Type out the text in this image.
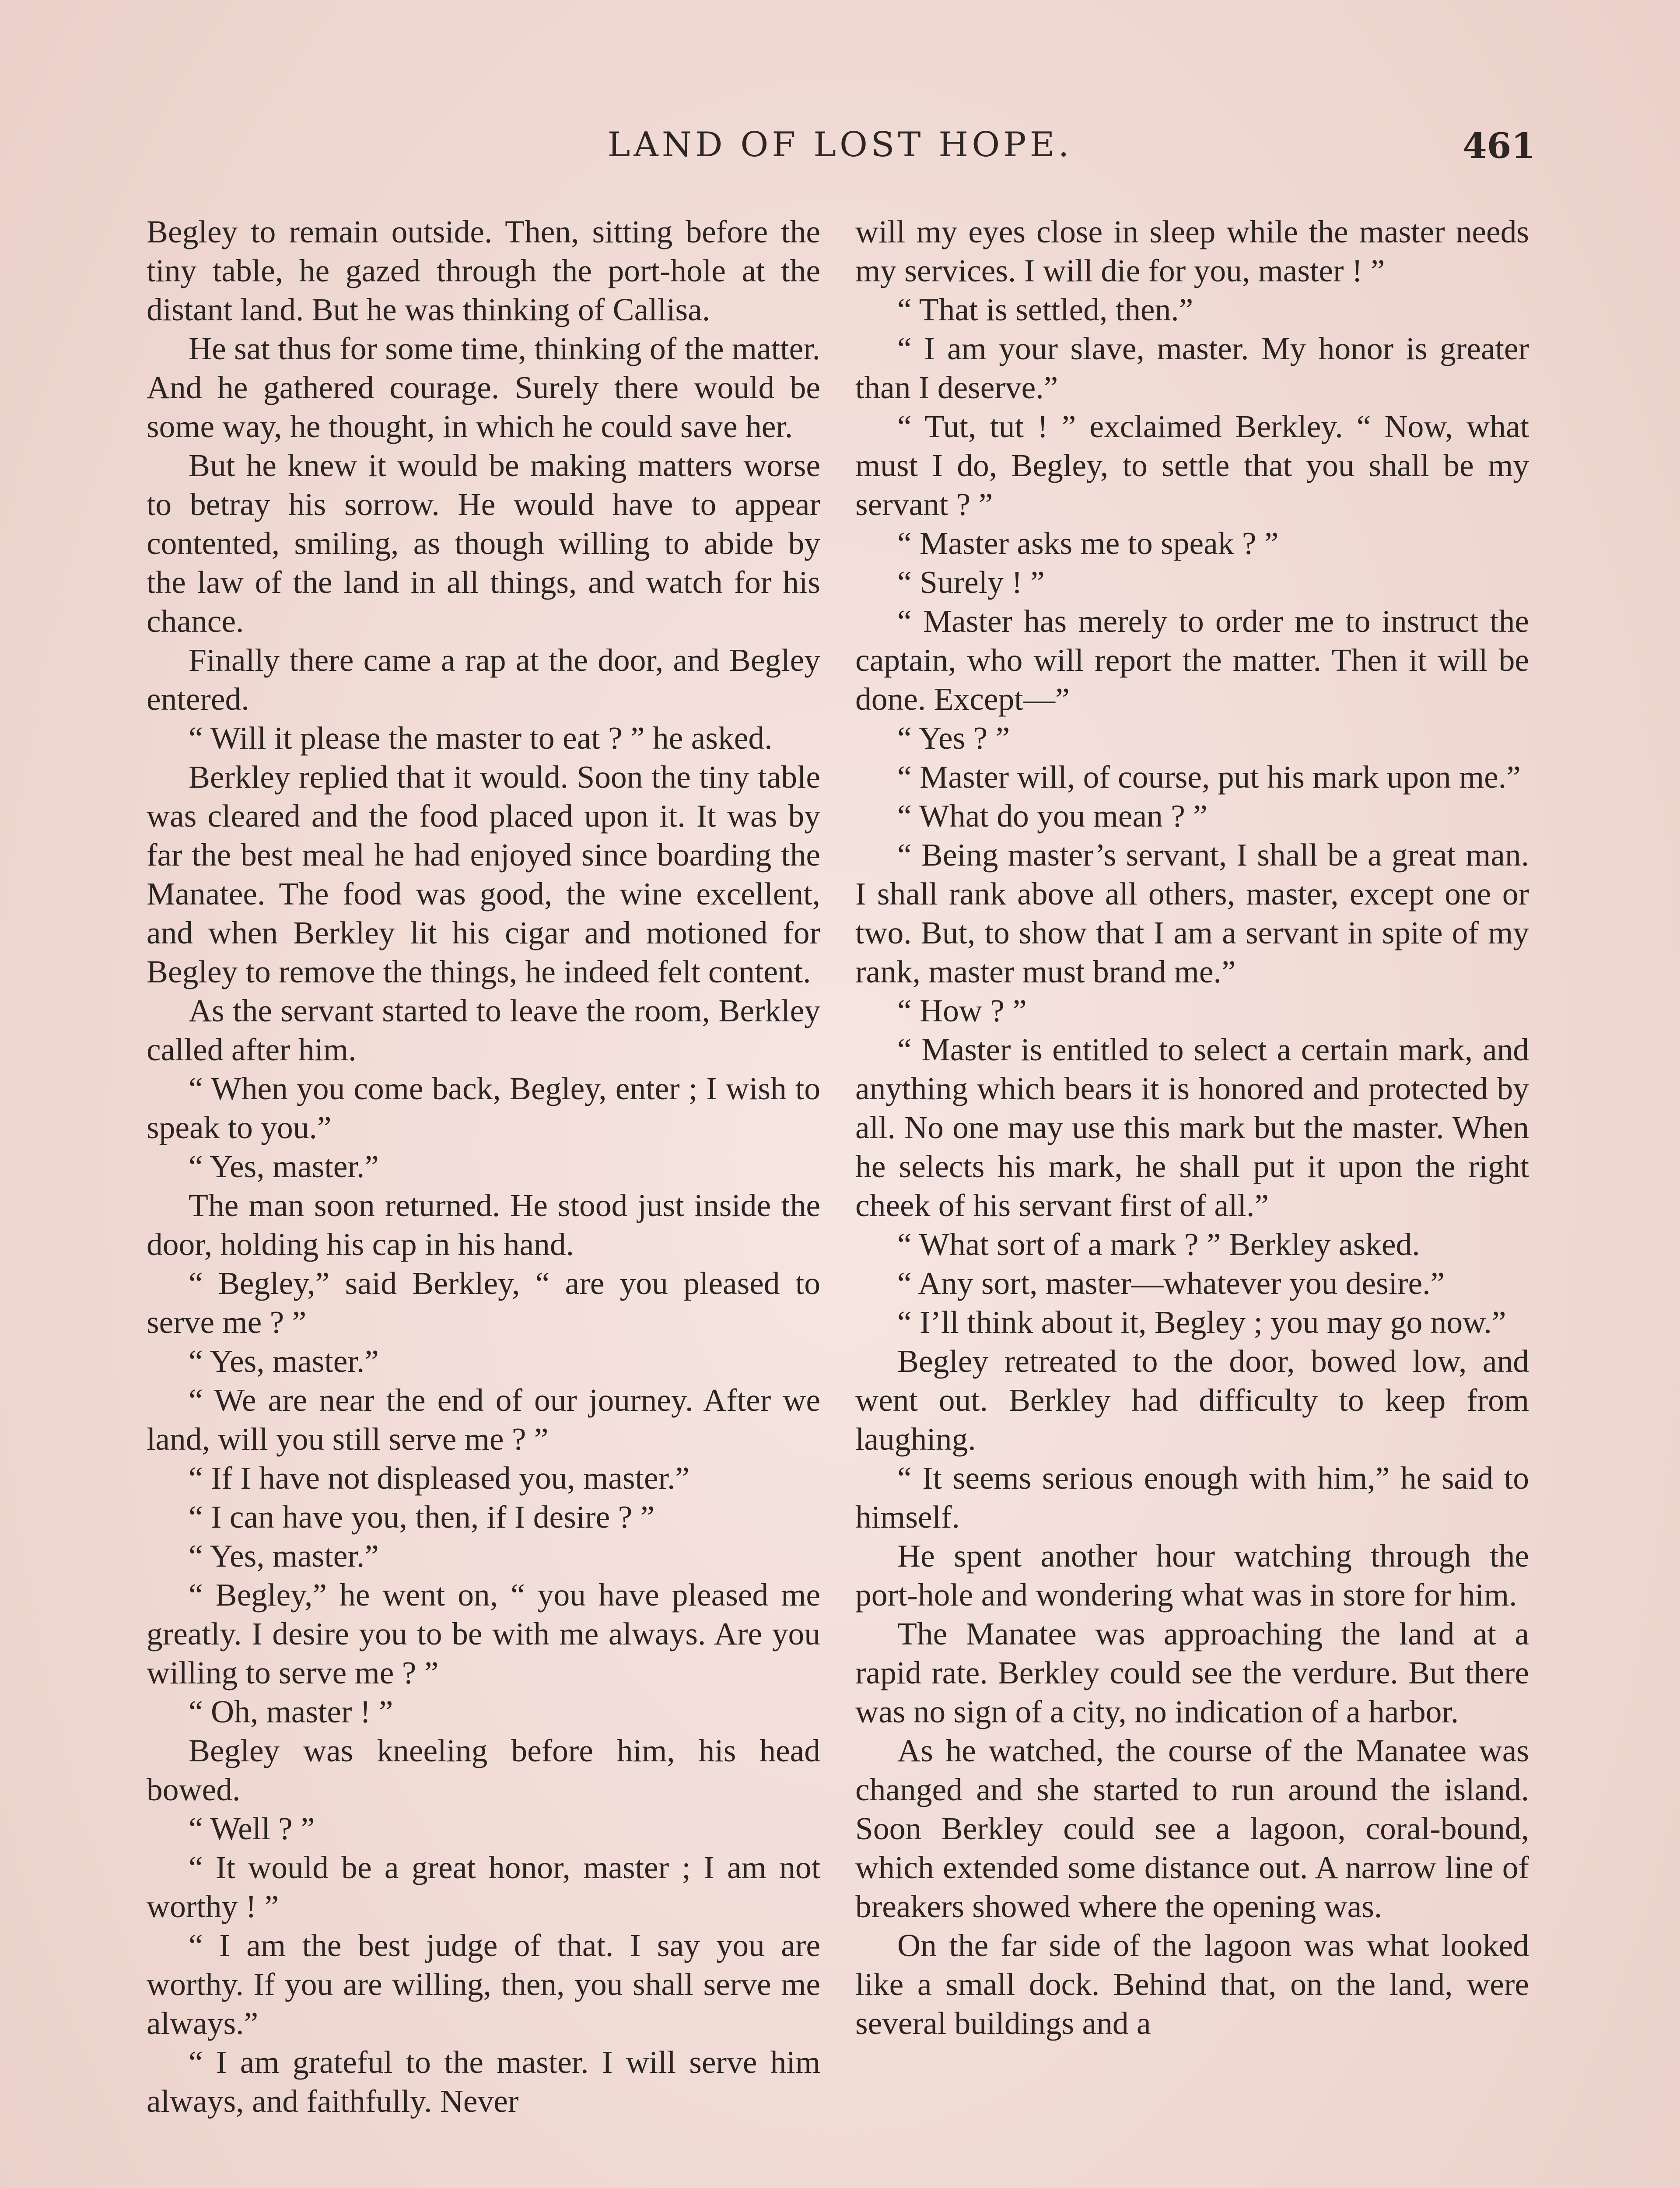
LAND OF LOST HOPE.	461

Begley to remain outside. Then, sitting before the tiny table, he gazed through the port-hole at the distant land. But he was thinking of Callisa.

He sat thus for some time, thinking of the matter. And he gathered courage. Surely there would be some way, he thought, in which he could save her.

But he knew it would be making matters worse to betray his sorrow. He would have to appear contented, smiling, as though willing to abide by the law of the land in all things, and watch for his chance.

Finally there came a rap at the door, and Begley entered.

“ Will it please the master to eat ? ” he asked.

Berkley replied that it would. Soon the tiny table was cleared and the food placed upon it. It was by far the best meal he had enjoyed since boarding the Manatee. The food was good, the wine excellent, and when Berkley lit his cigar and motioned for Begley to remove the things, he indeed felt content.

As the servant started to leave the room, Berkley called after him.

“ When you come back, Begley, enter ; I wish to speak to you.”

“ Yes, master.”

The man soon returned. He stood just inside the door, holding his cap in his hand.

“ Begley,” said Berkley, “ are you pleased to serve me ? ”

“ Yes, master.”

“ We are near the end of our journey. After we land, will you still serve me ? ”

“ If I have not displeased you, master.”

“ I can have you, then, if I desire ? ”

“ Yes, master.”

“ Begley,” he went on, “ you have pleased me greatly. I desire you to be with me always. Are you willing to serve me ? ”

“ Oh, master ! ”

Begley was kneeling before him, his head bowed.

“ Well ? ”

“ It would be a great honor, master ; I am not worthy ! ”

“ I am the best judge of that. I say you are worthy. If you are willing, then, you shall serve me always.”

“ I am grateful to the master. I will serve him always, and faithfully. Never

will my eyes close in sleep while the master needs my services. I will die for you, master ! ”

“ That is settled, then.”

“ I am your slave, master. My honor is greater than I deserve.”

“ Tut, tut ! ” exclaimed Berkley. “ Now, what must I do, Begley, to settle that you shall be my servant ? ”

“ Master asks me to speak ? ”

“ Surely ! ”

“ Master has merely to order me to instruct the captain, who will report the matter. Then it will be done. Except—”

“ Yes ? ”

“ Master will, of course, put his mark upon me.”

“ What do you mean ? ”

“ Being master’s servant, I shall be a great man. I shall rank above all others, master, except one or two. But, to show that I am a servant in spite of my rank, master must brand me.”

“ How ? ”

“ Master is entitled to select a certain mark, and anything which bears it is honored and protected by all. No one may use this mark but the master. When he selects his mark, he shall put it upon the right cheek of his servant first of all.”

“ What sort of a mark ? ” Berkley asked.

“ Any sort, master—whatever you desire.”

“ I’ll think about it, Begley ; you may go now.”

Begley retreated to the door, bowed low, and went out. Berkley had difficulty to keep from laughing.

“ It seems serious enough with him,” he said to himself.

He spent another hour watching through the port-hole and wondering what was in store for him.

The Manatee was approaching the land at a rapid rate. Berkley could see the verdure. But there was no sign of a city, no indication of a harbor.

As he watched, the course of the Manatee was changed and she started to run around the island. Soon Berkley could see a lagoon, coral-bound, which extended some distance out. A narrow line of breakers showed where the opening was.

On the far side of the lagoon was what looked like a small dock. Behind that, on the land, were several buildings and a
